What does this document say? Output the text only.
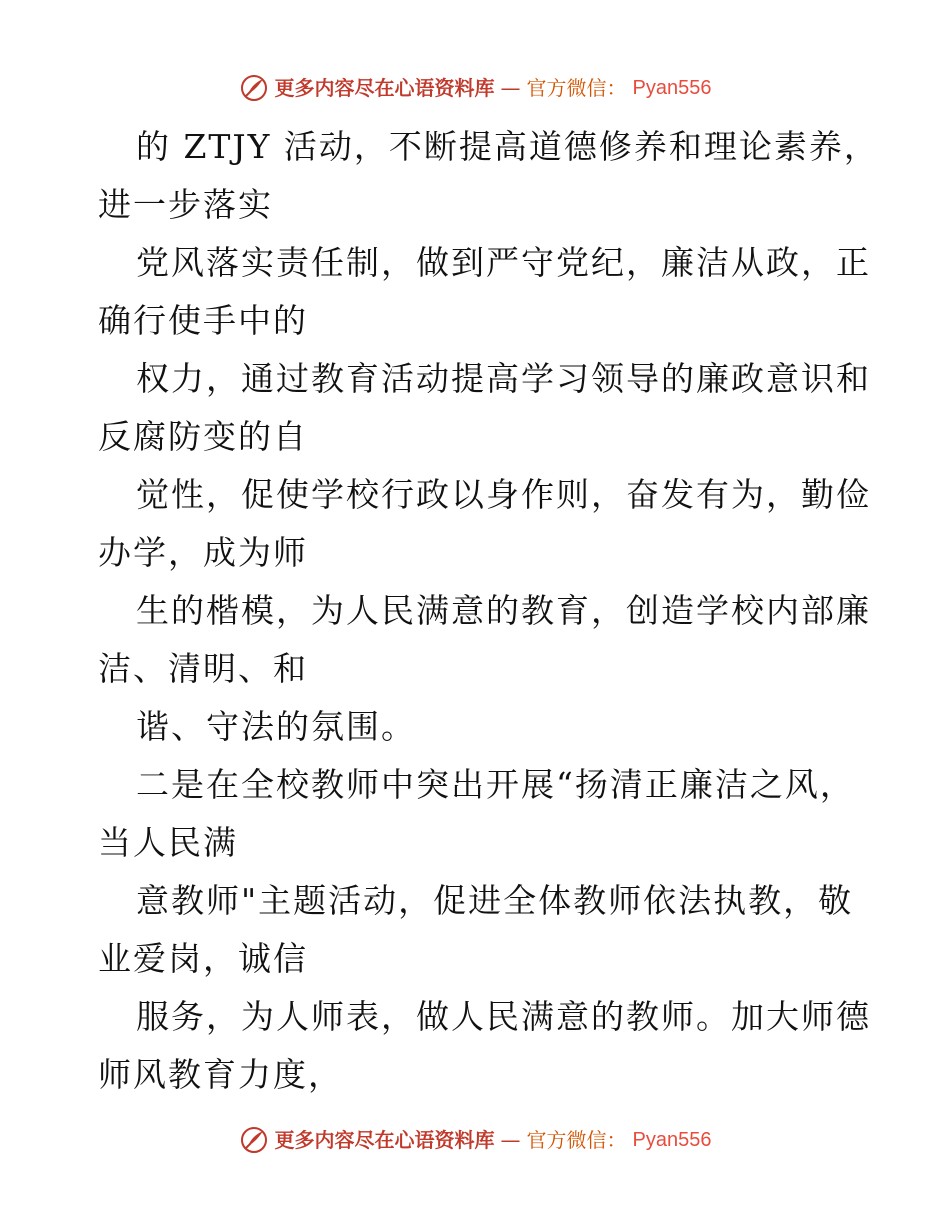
更多内容尽在心语资料库 — 官方微信： Pyan556
的 ZTJY 活动，不断提高道德修养和理论素养，
进一步落实
党风落实责任制，做到严守党纪，廉洁从政，正
确行使手中的
权力，通过教育活动提高学习领导的廉政意识和
反腐防变的自
觉性，促使学校行政以身作则，奋发有为，勤俭
办学，成为师
生的楷模，为人民满意的教育，创造学校内部廉
洁、清明、和
谐、守法的氛围。
二是在全校教师中突出开展“扬清正廉洁之风，
当人民满
意教师"主题活动，促进全体教师依法执教，敬
业爱岗，诚信
服务，为人师表，做人民满意的教师。加大师德
师风教育力度，
更多内容尽在心语资料库 — 官方微信： Pyan556
